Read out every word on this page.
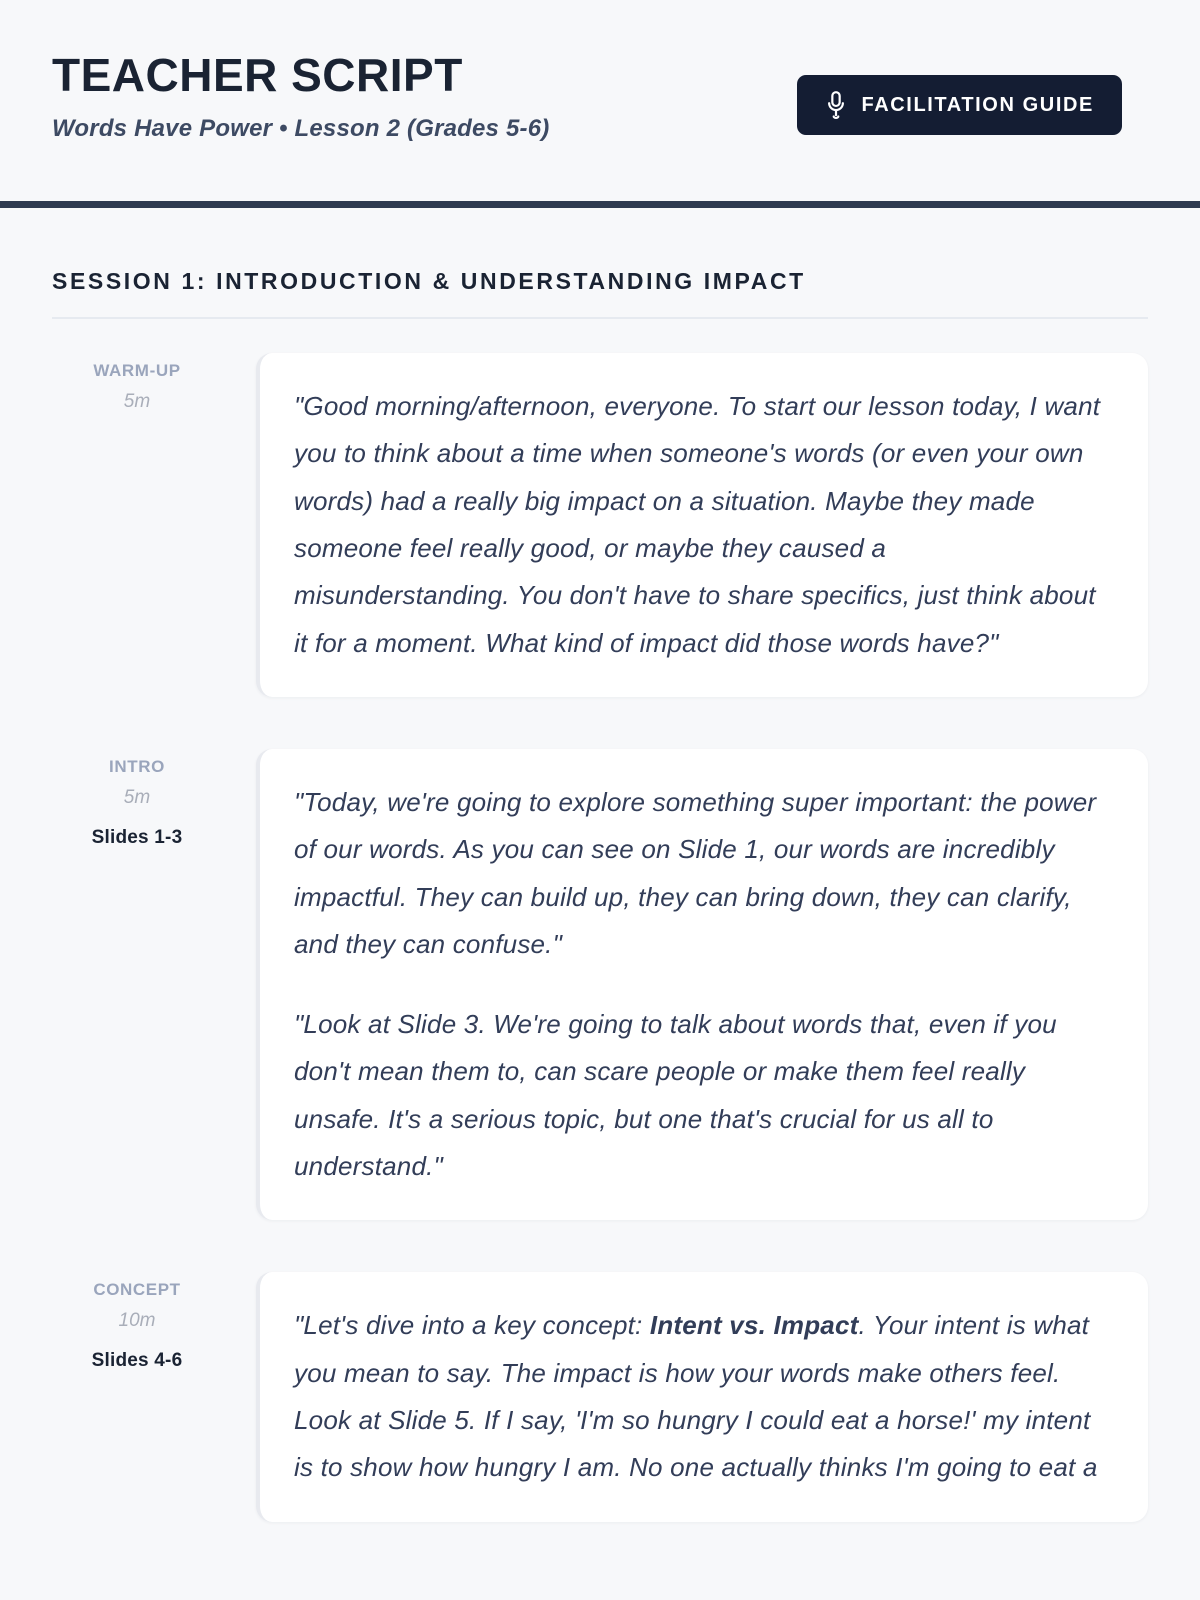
TEACHER SCRIPT
Words Have Power • Lesson 2 (Grades 5-6)
FACILITATION GUIDE
SESSION 1: INTRODUCTION & UNDERSTANDING IMPACT
WARM-UP
5m	"Good morning/afternoon, everyone. To start our lesson today, I want you to think about a time when someone's words (or even your own words) had a really big impact on a situation. Maybe they made someone feel really good, or maybe they caused a misunderstanding. You don't have to share specifics, just think about it for a moment. What kind of impact did those words have?"

INTRO
5m
Slides 1-3

"Today, we're going to explore something super important: the power of our words. As you can see on Slide 1, our words are incredibly impactful. They can build up, they can bring down, they can clarify, and they can confuse."

"Look at Slide 3. We're going to talk about words that, even if you don't mean them to, can scare people or make them feel really unsafe. It's a serious topic, but one that's crucial for us all to understand."

CONCEPT
10m
Slides 4-6

"Let's dive into a key concept: Intent vs. Impact. Your intent is what you mean to say. The impact is how your words make others feel. Look at Slide 5. If I say, 'I'm so hungry I could eat a horse!' my intent is to show how hungry I am. No one actually thinks I'm going to eat a
